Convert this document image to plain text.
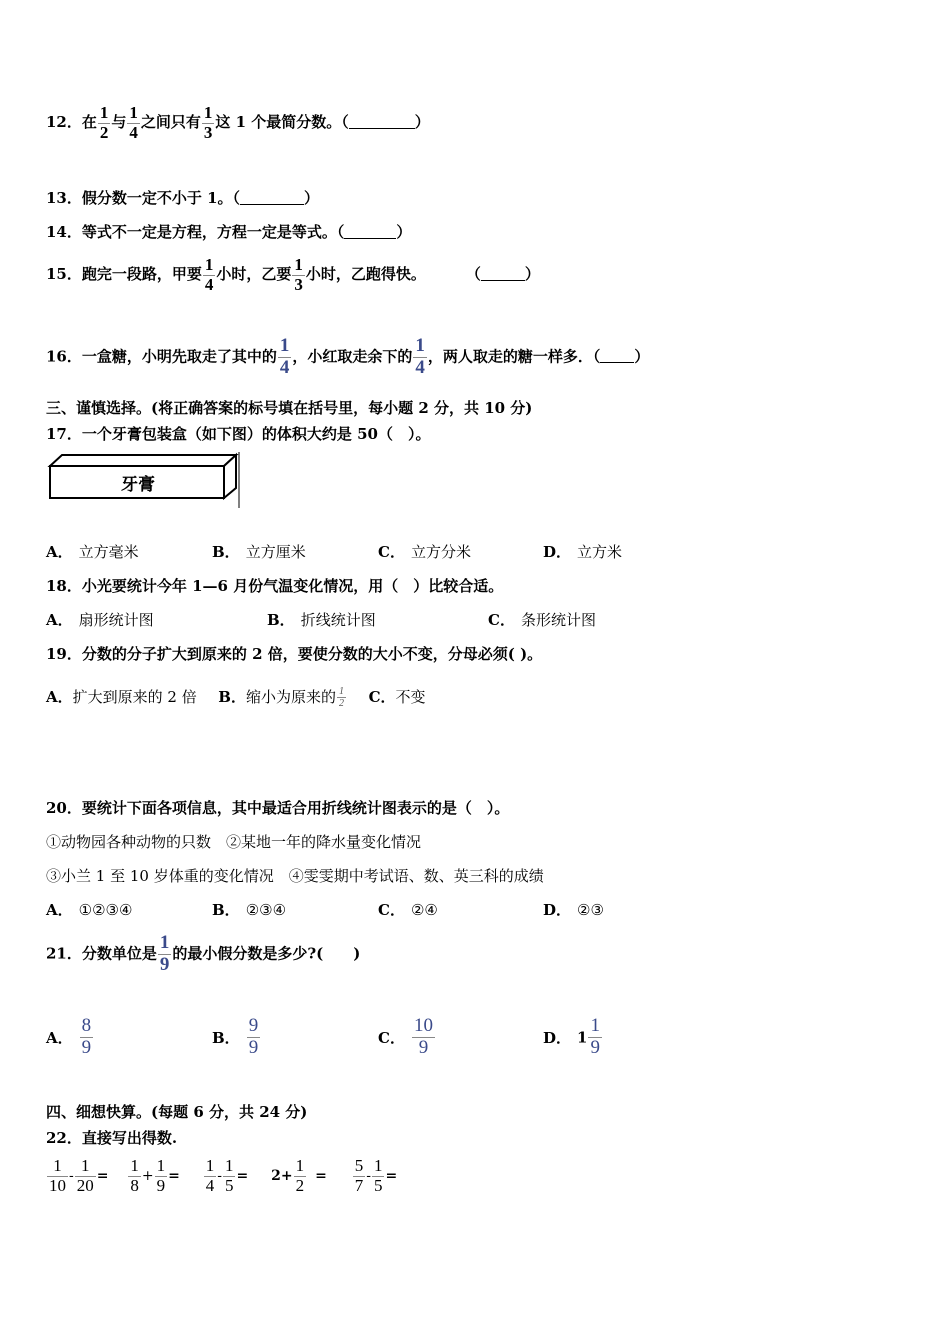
12．在 $\frac{1}{2}$ 与 $\frac{1}{4}$ 之间只有 $\frac{1}{3}$ 这 1 个最简分数。（	）
13．假分数一定不小于 1。（	）
14．等式不一定是方程，方程一定是等式。（	）
15．跑完一段路，甲要 $\frac{1}{4}$ 小时，乙要 $\frac{1}{3}$ 小时，乙跑得快。	（	）
16．一盒糖，小明先取走了其中的 $\frac{1}{4}$ ，小红取走余下的 $\frac{1}{4}$ ，两人取走的糖一样多．（ ）
三、谨慎选择。(将正确答案的标号填在括号里，每小题 2 分，共 10 分)
17．一个牙膏包装盒（如下图）的体积大约是 50（　）。
牙膏
A． 立方毫米	B． 立方厘米	C． 立方分米	D． 立方米
18．小光要统计今年 1—6 月份气温变化情况，用（　）比较合适。
A． 扇形统计图	B． 折线统计图	C． 条形统计图
19．分数的分子扩大到原来的 2 倍，要使分数的大小不变，分母必须( )。
A．扩大到原来的 2 倍 B．缩小为原来的 $\frac{1}{2}$ C．不变
20．要统计下面各项信息，其中最适合用折线统计图表示的是（　）。
①动物园各种动物的只数　②某地一年的降水量变化情况
③小兰 1 至 10 岁体重的变化情况　④雯雯期中考试语、数、英三科的成绩
A． ①②③④	B． ②③④	C． ②④	D． ②③
21．分数单位是 $\frac{1}{9}$ 的最小假分数是多少?(　　)
A． $\frac{8}{9}$	B． $\frac{9}{9}$	C． $\frac{10}{9}$	D． $1 \frac{1}{9}$
四、细想快算。(每题 6 分，共 24 分)
22．直接写出得数.
$\frac{1}{10} - \frac{1}{20} = \frac{1}{8} + \frac{1}{9} = \frac{1}{4} - \frac{1}{5} = 2+ \frac{1}{2} = \frac{5}{7} - \frac{1}{5}$ =
